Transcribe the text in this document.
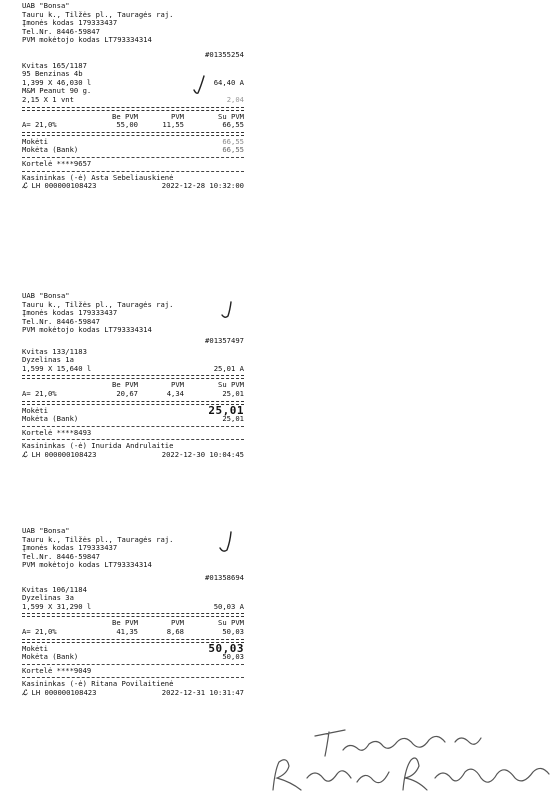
UAB "Bonsa"
Tauru k., Tilžės pl., Tauragės raj.
Įmonės kodas 179333437
Tel.Nr. 8446-59847
PVM mokėtojo kodas LT793334314
#01355254
Kvitas 165/1187
95 Benzinas 4b
1,399 X 46,030 l	64,40 A
M&M Peanut 90 g.
2,15 X 1 vnt	2,04
Be PVM	PVM	Su PVM
A= 21,0%	55,00	11,55	66,55
Mokėti	66,55
Mokėta (Bank)	66,55
Kortelė ****9657
Kasininkas (-ė) Asta Sebeliauskienė
ℒ LH 000000108423	2022-12-28 10:32:00
UAB "Bonsa"
Tauru k., Tilžės pl., Tauragės raj.
Įmonės kodas 179333437
Tel.Nr. 8446-59847
PVM mokėtojo kodas LT793334314
#01357497
Kvitas 133/1183
Dyzelinas 1a
1,599 X 15,640 l	25,01 A
Be PVM	PVM	Su PVM
A= 21,0%	20,67	4,34	25,01
Mokėti	25,01
Mokėta (Bank)	25,01
Kortelė ****8493
Kasininkas (-ė) Inurida Andrulaitie
ℒ LH 000000108423	2022-12-30 10:04:45
UAB "Bonsa"
Tauru k., Tilžės pl., Tauragės raj.
Įmonės kodas 179333437
Tel.Nr. 8446-59847
PVM mokėtojo kodas LT793334314
#01358694
Kvitas 106/1184
Dyzelinas 3a
1,599 X 31,290 l	50,03 A
Be PVM	PVM	Su PVM
A= 21,0%	41,35	8,68	50,03
Mokėti	50,03
Mokėta (Bank)	50,03
Kortelė ****9049
Kasininkas (-ė) Ritana Povilaitienė
ℒ LH 000000108423	2022-12-31 10:31:47
